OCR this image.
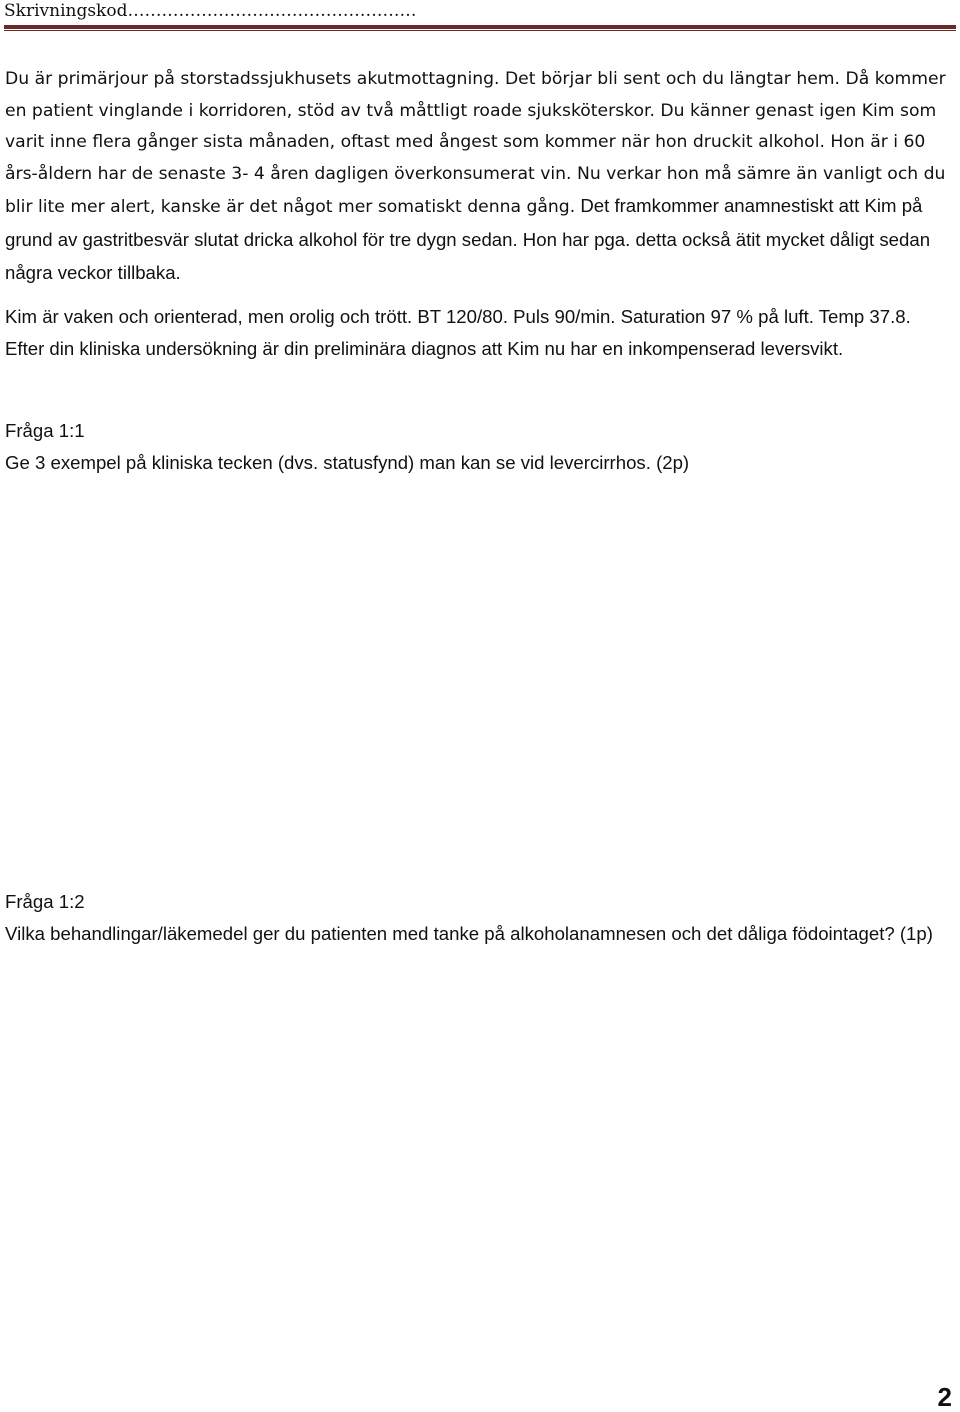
Skrivningskod……………………………………………

Du är primärjour på storstadssjukhusets akutmottagning. Det börjar bli sent och du längtar hem. Då kommer en patient vinglande i korridoren, stöd av två måttligt roade sjuksköterskor. Du känner genast igen Kim som varit inne flera gånger sista månaden, oftast med ångest som kommer när hon druckit alkohol. Hon är i 60 års-åldern har de senaste 3- 4 åren dagligen överkonsumerat vin. Nu verkar hon må sämre än vanligt och du blir lite mer alert, kanske är det något mer somatiskt denna gång. Det framkommer anamnestiskt att Kim på grund av gastritbesvär slutat dricka alkohol för tre dygn sedan. Hon har pga. detta också ätit mycket dåligt sedan några veckor tillbaka.

Kim är vaken och orienterad, men orolig och trött. BT 120/80. Puls 90/min. Saturation 97 % på luft. Temp 37.8. Efter din kliniska undersökning är din preliminära diagnos att Kim nu har en inkompenserad leversvikt.

Fråga 1:1
Ge 3 exempel på kliniska tecken (dvs. statusfynd) man kan se vid levercirrhos. (2p)
Fråga 1:2
Vilka behandlingar/läkemedel ger du patienten med tanke på alkoholanamnesen och det dåliga födointaget? (1p)
2
